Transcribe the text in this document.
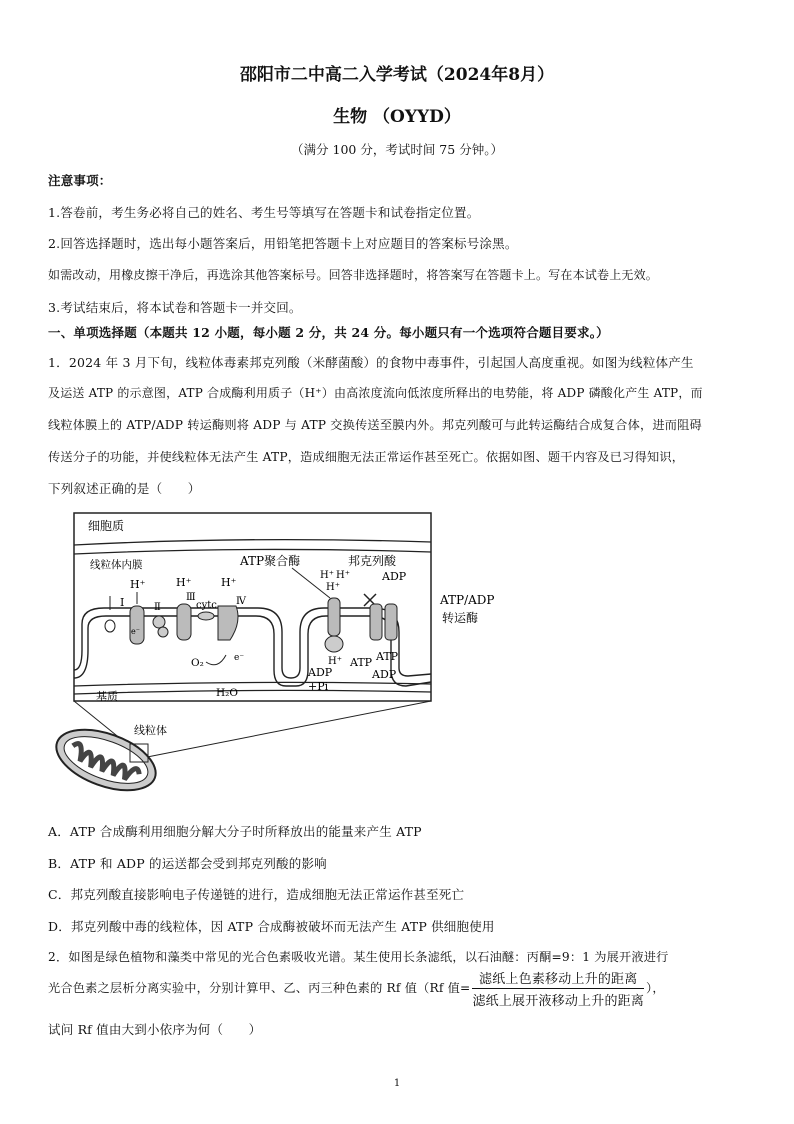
邵阳市二中高二入学考试（2024年8月）
生物 （OYYD）
（满分 100 分，考试时间 75 分钟。）
注意事项：
1.答卷前，考生务必将自己的姓名、考生号等填写在答题卡和试卷指定位置。
2.回答选择题时，选出每小题答案后，用铅笔把答题卡上对应题目的答案标号涂黑。
如需改动，用橡皮擦干净后，再选涂其他答案标号。回答非选择题时，将答案写在答题卡上。写在本试卷上无效。
3.考试结束后，将本试卷和答题卡一并交回。
一、单项选择题（本题共 12 小题，每小题 2 分，共 24 分。每小题只有一个选项符合题目要求。）
1．2024 年 3 月下旬，线粒体毒素邦克列酸（米酵菌酸）的食物中毒事件，引起国人高度重视。如图为线粒体产生
及运送 ATP 的示意图，ATP 合成酶利用质子（H⁺）由高浓度流向低浓度所释出的电势能，将 ADP 磷酸化产生 ATP，而
线粒体膜上的 ATP/ADP 转运酶则将 ADP 与 ATP 交换传送至膜内外。邦克列酸可与此转运酶结合成复合体，进而阻碍
传送分子的功能，并使线粒体无法产生 ATP，造成细胞无法正常运作甚至死亡。依据如图、题干内容及已习得知识，
下列叙述正确的是（　　）
细胞质
线粒体内膜
基质
I
e⁻
H⁺
Ⅱ
H⁺
Ⅲ
cytc
H⁺
Ⅳ
O₂	e⁻
H₂O
ATP聚合酶
H⁺ H⁺
H⁺
H⁺
ADP
+Pi
ATP
邦克列酸
ADP
ATP
ADP
ATP/ADP
转运酶
线粒体
A．ATP 合成酶利用细胞分解大分子时所释放出的能量来产生 ATP
B．ATP 和 ADP 的运送都会受到邦克列酸的影响
C．邦克列酸直接影响电子传递链的进行，造成细胞无法正常运作甚至死亡
D．邦克列酸中毒的线粒体，因 ATP 合成酶被破坏而无法产生 ATP 供细胞使用
2．如图是绿色植物和藻类中常见的光合色素吸收光谱。某生使用长条滤纸，以石油醚：丙酮=9：1 为展开液进行
光合色素之层析分离实验中，分别计算甲、乙、丙三种色素的 Rf 值（Rf 值= $\frac{\text{滤纸上色素移动上升的距离}}{\text{滤纸上展开液移动上升的距离}}$ ），
试问 Rf 值由大到小依序为何（　　）
1
